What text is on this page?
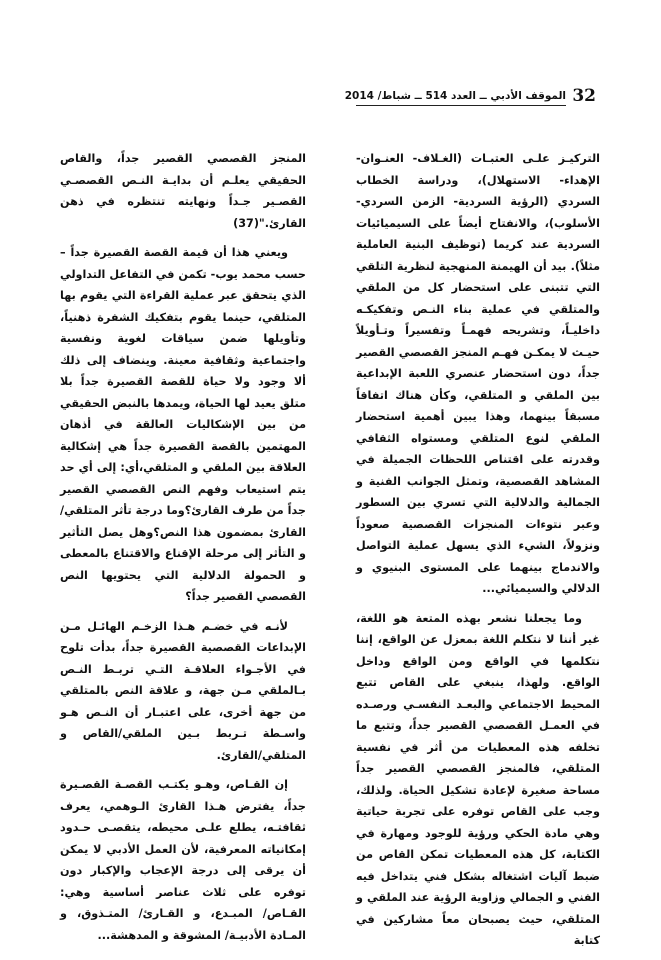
32
الموقف الأدبي ــ العدد 514 ــ شباط/ 2014

التركيـز علـى العتبـات (الغـلاف- العنـوان- الإهداء- الاستهلال)، ودراسة الخطاب السردي (الرؤية السردية- الزمن السردي- الأسلوب)، والانفتاح أيضاً على السيميائيات السردية عند كريما (توظيف البنية العاملية مثلاً). بيد أن الهيمنة المنهجية لنظرية التلقي التي تتبنى على استحضار كل من الملقي والمتلقي في عملية بناء النـص وتفكيكـه داخليـاً، وتشريحه فهمـاً وتفسيراً وتـأويلاً حيـث لا يمكـن فهـم المنجز القصصي القصير جداً، دون استحضار عنصري اللعبة الإبداعية بين الملقي و المتلقي، وكأن هناك اتفاقاً مسبقاً بينهما، وهذا يبين أهمية استحضار الملقي لنوع المتلقي ومستواه الثقافي وقدرته على اقتناص اللحظات الجميلة في المشاهد القصصية، وتمثل الجوانب الفنية و الجمالية والدلالية التي تسري بين السطور وعبر نتوءات المنجزات القصصية صعوداً ونزولاً، الشيء الذي يسهل عملية التواصل والاندماج بينهما على المستوى البنيوي و الدلالي والسيميائي...

وما يجعلنا نشعر بهذه المتعة هو اللغة، غير أننا لا نتكلم اللغة بمعزل عن الواقع، إننا نتكلمها في الواقع ومن الواقع وداخل الواقع. ولهذا، ينبغي على القاص تتبع المحيط الاجتماعي والبعـد النفسـي ورصـده في العمـل القصصي القصير جداً، وتتبع ما تخلفه هذه المعطيات من أثر في نفسية المتلقي، فالمنجز القصصي القصير جداً مساحة صغيرة لإعادة تشكيل الحياة. ولذلك، وجب على القاص توفره على تجربة حياتية وهي مادة الحكي ورؤية للوجود ومهارة في الكتابة، كل هذه المعطيات تمكن القاص من ضبط آليات اشتغاله بشكل فني يتداخل فيه الفني و الجمالي وزاوية الرؤية عند الملقي و المتلقي، حيث يصبحان معاً مشاركين في كتابة

المنجز القصصي القصير جداً، والقاص الحقيقي يعلـم أن بدايـة النـص القصصـي القصـير جـداً ونهايته تنتظره في ذهن القارئ."(37)

ويعني هذا أن قيمة القصة القصيرة جداً – حسب محمد يوب- تكمن في التفاعل التداولي الذي يتحقق عبر عملية القراءة التي يقوم بها المتلقي، حينما يقوم بتفكيك الشفرة ذهنياً، وتأويلها ضمن سياقات لغوية ونفسية واجتماعية وثقافية معينة. وينضاف إلى ذلك ألا وجود ولا حياة للقصة القصيرة جداً بلا متلق يعيد لها الحياة، ويمدها بالنبض الحقيقي من بين الإشكاليات العالقة في أذهان المهتمين بالقصة القصيرة جداً هي إشكالية العلاقة بين الملقي و المتلقي،أي: إلى أي حد يتم استيعاب وفهم النص القصصي القصير جداً من طرف القارئ؟وما درجة تأثر المتلقي/القارئ بمضمون هذا النص؟وهل يصل التأثير و التأثر إلى مرحلة الإقناع والاقتناع بالمعطى و الحمولة الدلالية التي يحتويها النص القصصي القصير جداً؟

لأنـه في خضـم هـذا الزخـم الهائـل مـن الإبداعات القصصية القصيرة جداً، بدأت تلوح في الأجـواء العلاقـة التـي تربـط النـص بـالملقي مـن جهة، و علاقة النص بالمتلقي من جهة أخرى، على اعتبـار أن النـص هـو واسـطة تـربط بـين الملقي/القاص و المتلقي/القارئ.

إن القـاص، وهـو يكتـب القصـة القصـيرة جداً، يفترض هـذا القارئ الـوهمي، يعرف ثقافتـه، يطلع علـى محيطه، يتقصـى حـدود إمكانياته المعرفية، لأن العمل الأدبي لا يمكن أن يرقى إلى درجة الإعجاب والإكبار دون توفره على ثلاث عناصر أساسية وهي: القـاص/ المبـدع، و القـارئ/ المتـذوق، و المـادة الأدبيـة/ المشوقة و المدهشة...
